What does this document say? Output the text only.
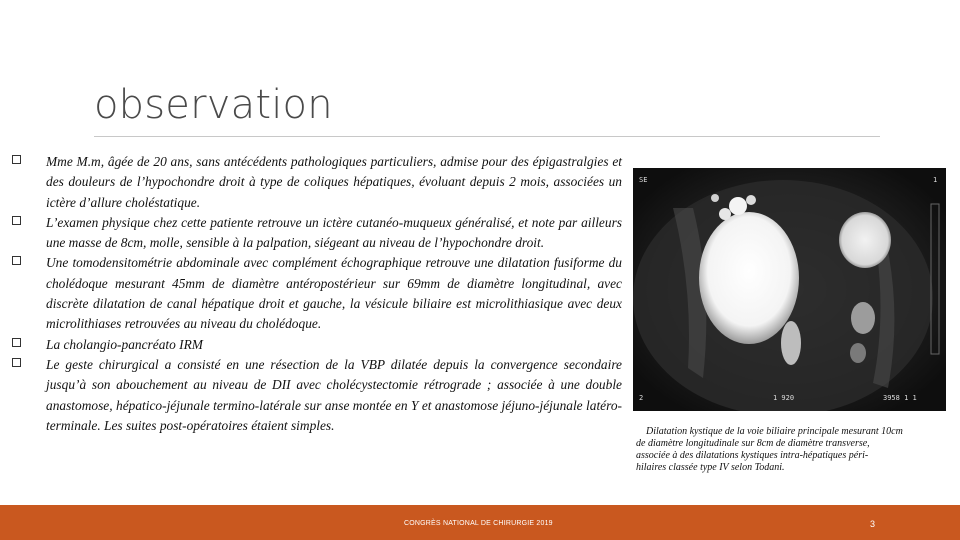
observation
Mme M.m, âgée de 20 ans, sans antécédents pathologiques particuliers, admise pour des épigastralgies et des douleurs de l’hypochondre droit à type de coliques hépatiques, évoluant depuis 2 mois, associées un ictère d’allure choléstatique.
L’examen physique chez cette patiente retrouve un ictère cutanéo-muqueux généralisé, et note par ailleurs une masse de 8cm, molle, sensible à la palpation, siégeant au niveau de l’hypochondre droit.
Une tomodensitométrie abdominale avec complément échographique retrouve une dilatation fusiforme du cholédoque mesurant 45mm de diamètre antéropostérieur sur 69mm de diamètre longitudinal, avec discrète dilatation de canal hépatique droit et gauche, la vésicule biliaire est microlithiasique avec deux microlithiases retrouvées au niveau du cholédoque.
La cholangio-pancréato IRM
Le geste chirurgical a consisté en une résection de la VBP dilatée depuis la convergence secondaire jusqu’à son abouchement au niveau de DII avec cholécystectomie rétrograde ; associée à une double anastomose, hépatico-jéjunale termino-latérale sur anse montée en Y et anastomose jéjuno-jéjunale latéro-terminale. Les suites post-opératoires étaient simples.
SE	1
2	1 920	3958 1 1
Dilatation kystique de la voie biliaire principale mesurant 10cm
de diamètre longitudinale sur 8cm de diamètre transverse,
associée à des dilatations kystiques intra-hépatiques péri-
hilaires classée type IV selon Todani.
CONGRÈS NATIONAL DE CHIRURGIE 2019	3
